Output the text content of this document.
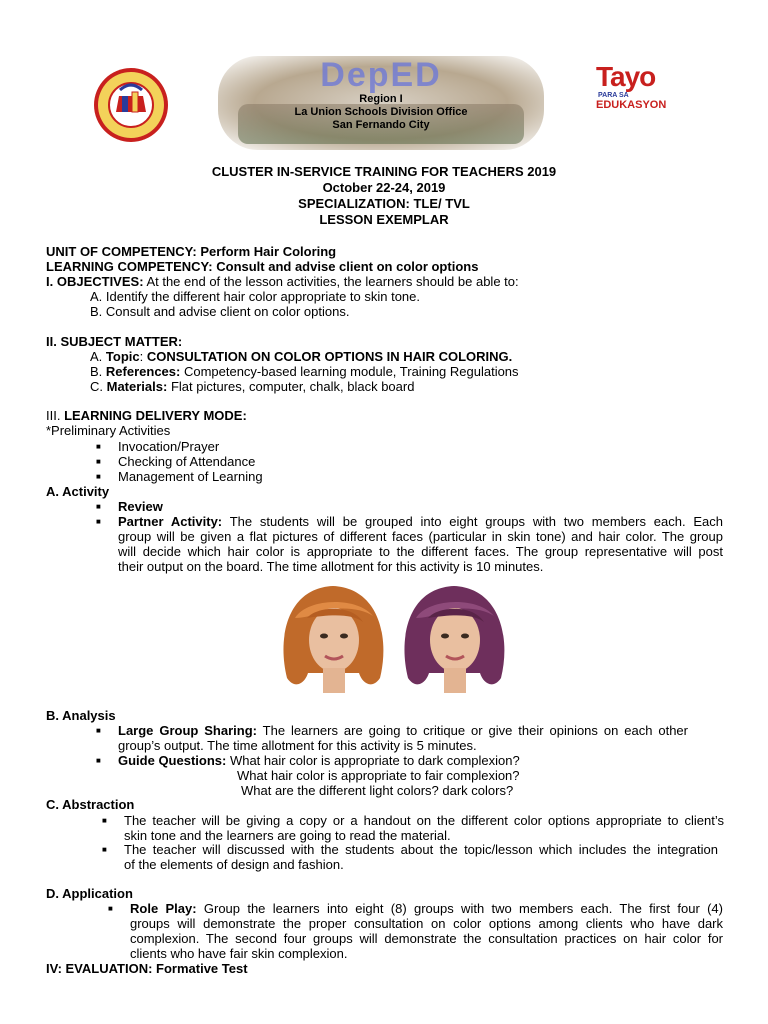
DepED
Region I
La Union Schools Division Office
San Fernando City
Tayo
PARA SA
EDUKASYON
CLUSTER IN-SERVICE TRAINING FOR TEACHERS 2019
October 22-24, 2019
SPECIALIZATION: TLE/ TVL
LESSON EXEMPLAR
UNIT OF COMPETENCY: Perform Hair Coloring
LEARNING COMPETENCY: Consult and advise client on color options
I. OBJECTIVES: At the end of the lesson activities, the learners should be able to:
A. Identify the different hair color appropriate to skin tone.
B. Consult and advise client on color options.
II. SUBJECT MATTER:
A. Topic: CONSULTATION ON COLOR OPTIONS IN HAIR COLORING.
B. References: Competency-based learning module, Training Regulations
C. Materials: Flat pictures, computer, chalk, black board
III. LEARNING DELIVERY MODE:
*Preliminary Activities
■ Invocation/Prayer
■ Checking of Attendance
■ Management of Learning
A. Activity
■ Review
■ Partner Activity: The students will be grouped into eight groups with two members each. Each
group will be given a flat pictures of different faces (particular in skin tone) and hair color. The group
will decide which hair color is appropriate to the different faces. The group representative will post
their output on the board. The time allotment for this activity is 10 minutes.
B. Analysis
■ Large Group Sharing: The learners are going to critique or give their opinions on each other
group’s output. The time allotment for this activity is 5 minutes.
■ Guide Questions: What hair color is appropriate to dark complexion?
What hair color is appropriate to fair complexion?
What are the different light colors? dark colors?
C. Abstraction
■ The teacher will be giving a copy or a handout on the different color options appropriate to client’s
skin tone and the learners are going to read the material.
■ The teacher will discussed with the students about the topic/lesson which includes the integration
of the elements of design and fashion.
D. Application
■ Role Play: Group the learners into eight (8) groups with two members each. The first four (4)
groups will demonstrate the proper consultation on color options among clients who have dark
complexion. The second four groups will demonstrate the consultation practices on hair color for
clients who have fair skin complexion.
IV: EVALUATION: Formative Test
